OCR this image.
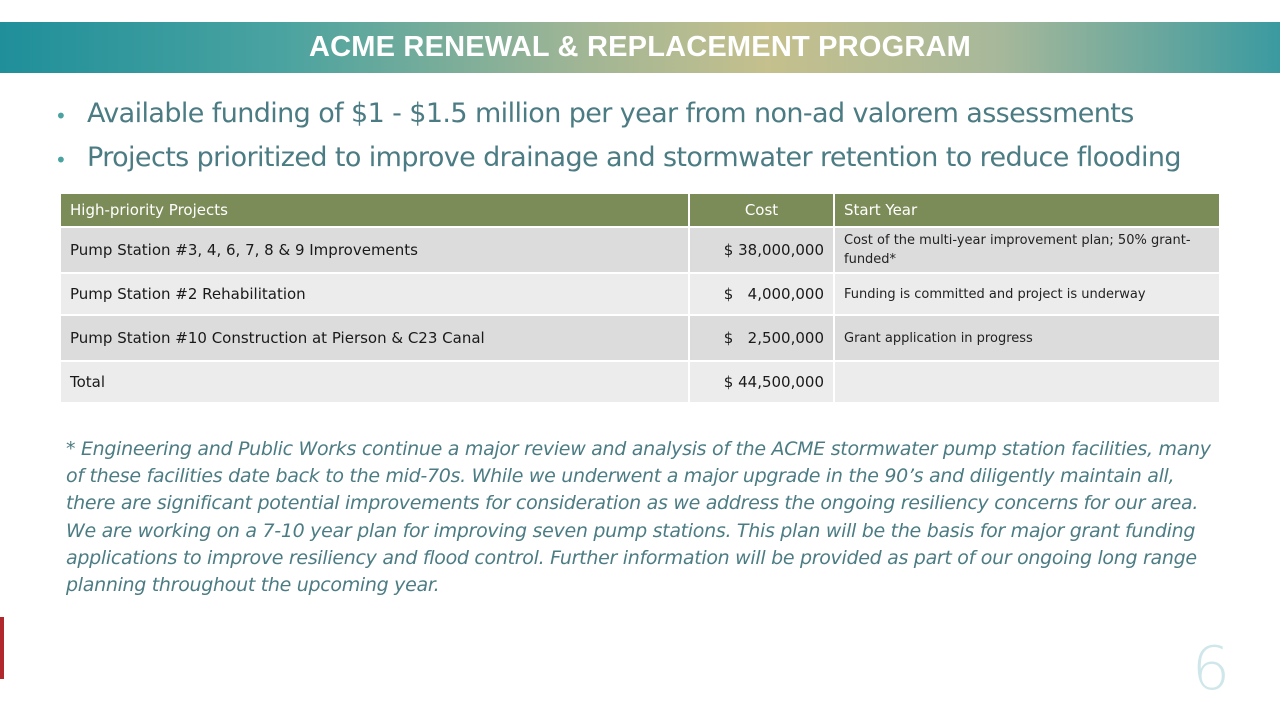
ACME RENEWAL & REPLACEMENT PROGRAM
• Available funding of $1 - $1.5 million per year from non-ad valorem assessments
• Projects prioritized to improve drainage and stormwater retention to reduce flooding
High-priority Projects	Cost	Start Year
Pump Station #3, 4, 6, 7, 8 & 9 Improvements	$ 38,000,000	Cost of the multi-year improvement plan; 50% grant-funded*
Pump Station #2 Rehabilitation	$   4,000,000	Funding is committed and project is underway
Pump Station #10 Construction at Pierson & C23 Canal	$   2,500,000	Grant application in progress
Total	$ 44,500,000	
* Engineering and Public Works continue a major review and analysis of the ACME stormwater pump station facilities, many of these facilities date back to the mid-70s. While we underwent a major upgrade in the 90’s and diligently maintain all, there are significant potential improvements for consideration as we address the ongoing resiliency concerns for our area. We are working on a 7-10 year plan for improving seven pump stations. This plan will be the basis for major grant funding applications to improve resiliency and flood control. Further information will be provided as part of our ongoing long range planning throughout the upcoming year.
6
